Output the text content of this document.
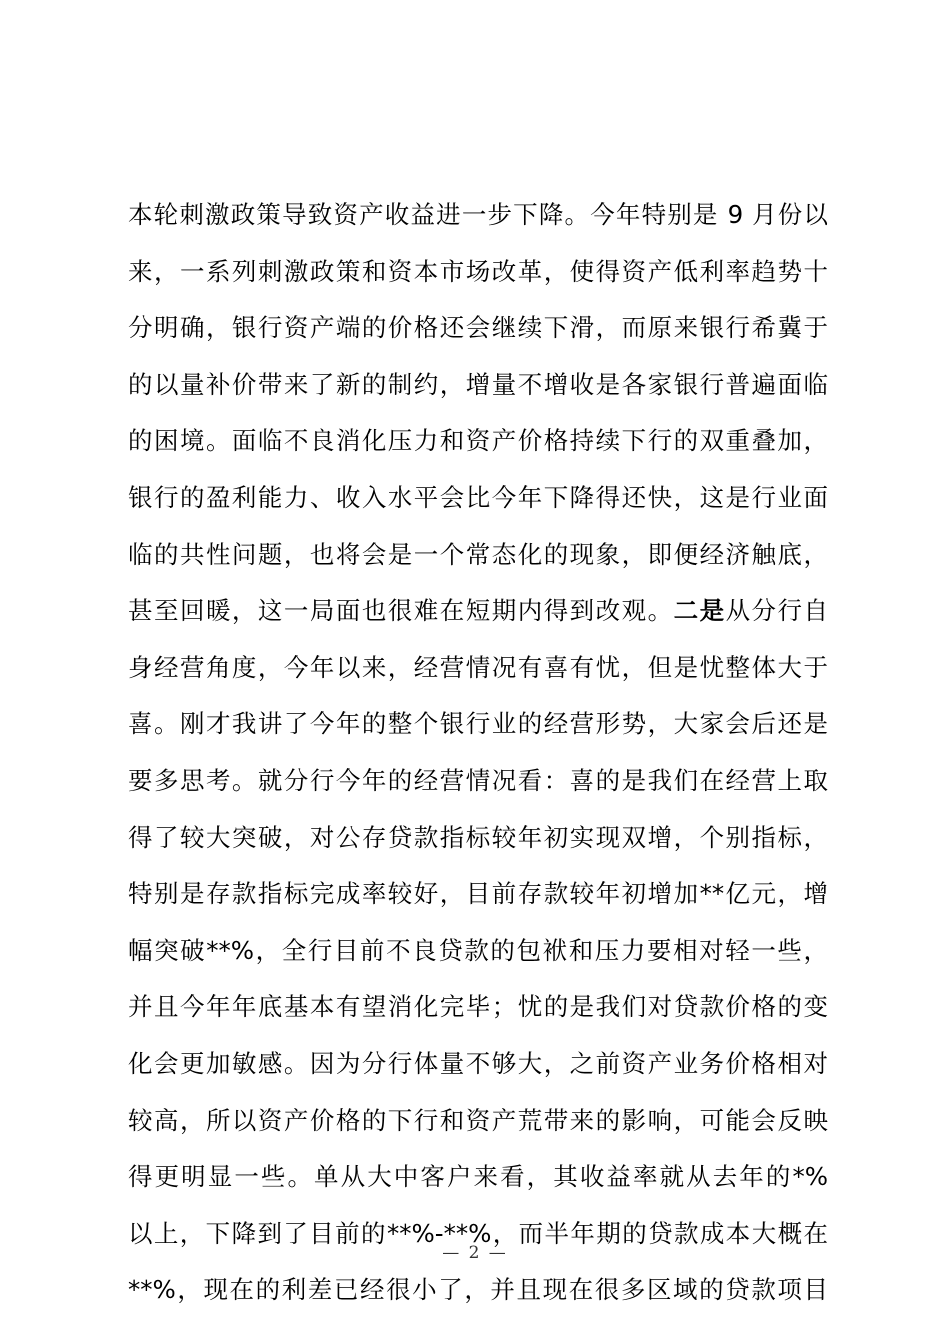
本轮刺激政策导致资产收益进一步下降。今年特别是 9 月份以
来，一系列刺激政策和资本市场改革，使得资产低利率趋势十
分明确，银行资产端的价格还会继续下滑，而原来银行希冀于
的以量补价带来了新的制约，增量不增收是各家银行普遍面临
的困境。面临不良消化压力和资产价格持续下行的双重叠加，
银行的盈利能力、收入水平会比今年下降得还快，这是行业面
临的共性问题，也将会是一个常态化的现象，即便经济触底，
甚至回暖，这一局面也很难在短期内得到改观。二是从分行自
身经营角度，今年以来，经营情况有喜有忧，但是忧整体大于
喜。刚才我讲了今年的整个银行业的经营形势，大家会后还是
要多思考。就分行今年的经营情况看：喜的是我们在经营上取
得了较大突破，对公存贷款指标较年初实现双增，个别指标，
特别是存款指标完成率较好，目前存款较年初增加**亿元，增
幅突破**%，全行目前不良贷款的包袱和压力要相对轻一些，
并且今年年底基本有望消化完毕；忧的是我们对贷款价格的变
化会更加敏感。因为分行体量不够大，之前资产业务价格相对
较高，所以资产价格的下行和资产荒带来的影响，可能会反映
得更明显一些。单从大中客户来看，其收益率就从去年的*%
以上，下降到了目前的**%-**%，而半年期的贷款成本大概在
**%，现在的利差已经很小了，并且现在很多区域的贷款项目
— 2 —
